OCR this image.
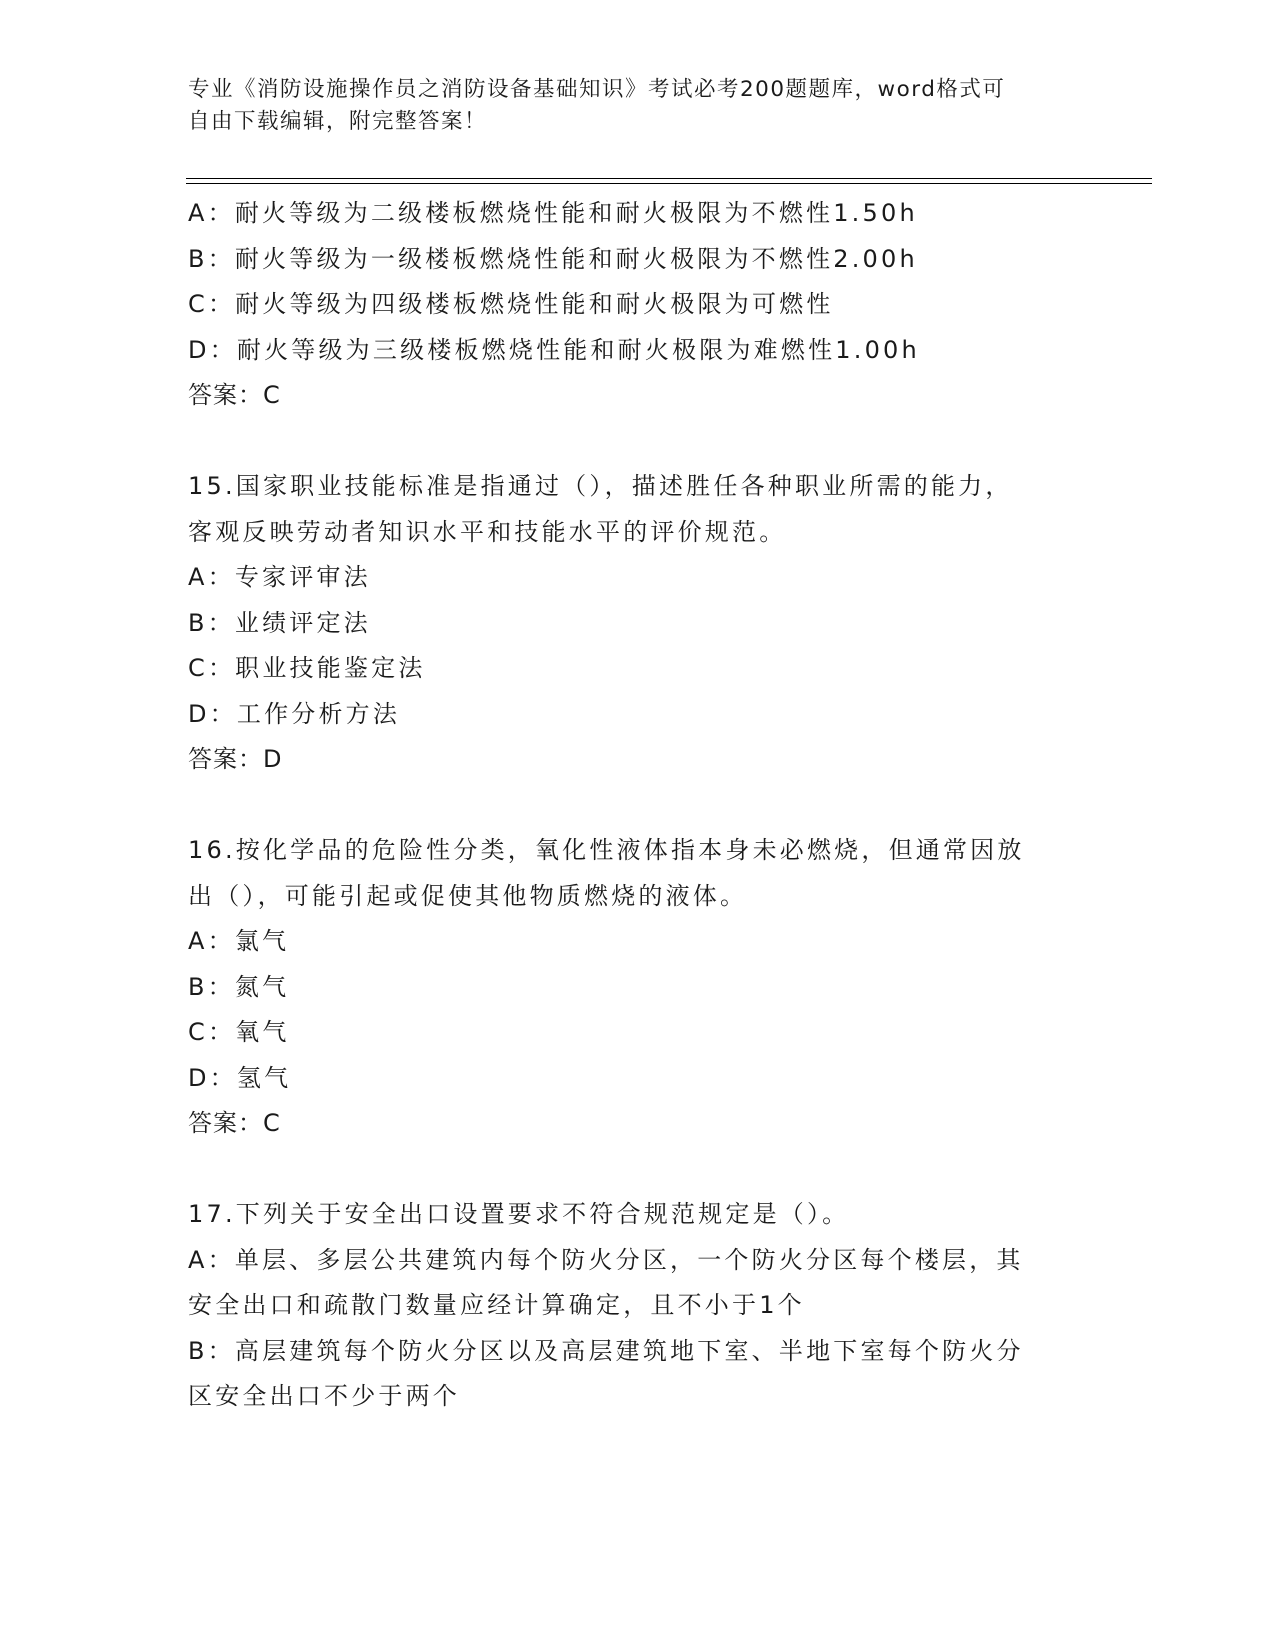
专业《消防设施操作员之消防设备基础知识》考试必考200题题库，word格式可
自由下载编辑，附完整答案！
A：耐火等级为二级楼板燃烧性能和耐火极限为不燃性1.50h
B：耐火等级为一级楼板燃烧性能和耐火极限为不燃性2.00h
C：耐火等级为四级楼板燃烧性能和耐火极限为可燃性
D：耐火等级为三级楼板燃烧性能和耐火极限为难燃性1.00h
答案：C
15.国家职业技能标准是指通过（），描述胜任各种职业所需的能力，
客观反映劳动者知识水平和技能水平的评价规范。
A：专家评审法
B：业绩评定法
C：职业技能鉴定法
D：工作分析方法
答案：D
16.按化学品的危险性分类，氧化性液体指本身未必燃烧，但通常因放
出（），可能引起或促使其他物质燃烧的液体。
A：氯气
B：氮气
C：氧气
D：氢气
答案：C
17.下列关于安全出口设置要求不符合规范规定是（）。
A：单层、多层公共建筑内每个防火分区，一个防火分区每个楼层，其
安全出口和疏散门数量应经计算确定，且不小于1个
B：高层建筑每个防火分区以及高层建筑地下室、半地下室每个防火分
区安全出口不少于两个
